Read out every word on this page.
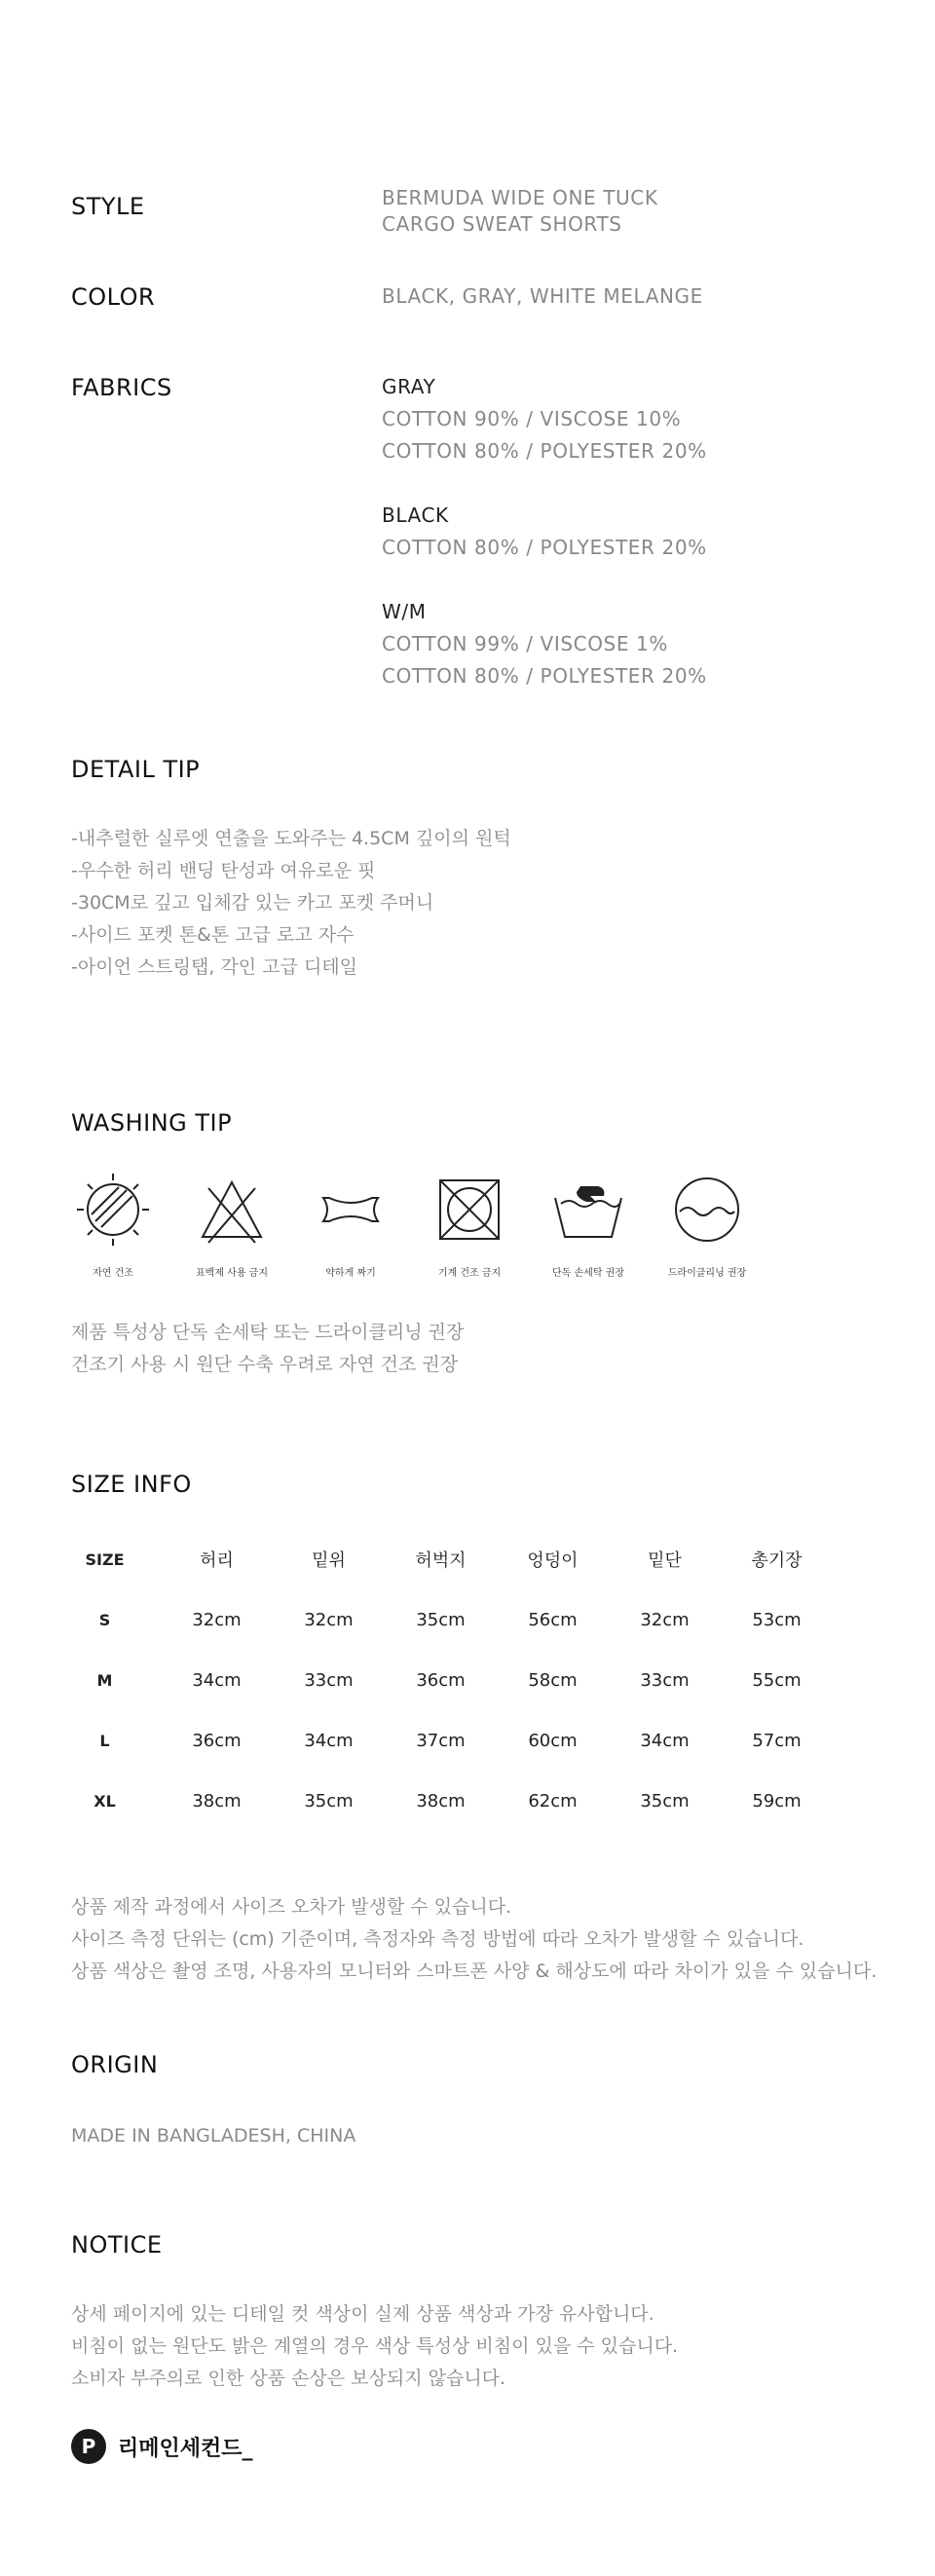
STYLE	BERMUDA WIDE ONE TUCK
CARGO SWEAT SHORTS
COLOR	BLACK, GRAY, WHITE MELANGE
FABRICS	GRAY
COTTON 90% / VISCOSE 10%
COTTON 80% / POLYESTER 20%
BLACK
COTTON 80% / POLYESTER 20%
W/M
COTTON 99% / VISCOSE 1%
COTTON 80% / POLYESTER 20%
DETAIL TIP
-내추럴한 실루엣 연출을 도와주는 4.5CM 깊이의 원턱
-우수한 허리 밴딩 탄성과 여유로운 핏
-30CM로 깊고 입체감 있는 카고 포켓 주머니
-사이드 포켓 톤&톤 고급 로고 자수
-아이언 스트링탭, 각인 고급 디테일
WASHING TIP
자연 건조	표백제 사용 금지	약하게 짜기	기계 건조 금지	단독 손세탁 권장	드라이클리닝 권장
제품 특성상 단독 손세탁 또는 드라이클리닝 권장
건조기 사용 시 원단 수축 우려로 자연 건조 권장
SIZE INFO
SIZE	허리	밑위	허벅지	엉덩이	밑단	총기장
S	32cm	32cm	35cm	56cm	32cm	53cm
M	34cm	33cm	36cm	58cm	33cm	55cm
L	36cm	34cm	37cm	60cm	34cm	57cm
XL	38cm	35cm	38cm	62cm	35cm	59cm
상품 제작 과정에서 사이즈 오차가 발생할 수 있습니다.
사이즈 측정 단위는 (cm) 기준이며, 측정자와 측정 방법에 따라 오차가 발생할 수 있습니다.
상품 색상은 촬영 조명, 사용자의 모니터와 스마트폰 사양 & 해상도에 따라 차이가 있을 수 있습니다.
ORIGIN
MADE IN BANGLADESH, CHINA
NOTICE
상세 페이지에 있는 디테일 컷 색상이 실제 상품 색상과 가장 유사합니다.
비침이 없는 원단도 밝은 계열의 경우 색상 특성상 비침이 있을 수 있습니다.
소비자 부주의로 인한 상품 손상은 보상되지 않습니다.
P	리메인세컨드_
